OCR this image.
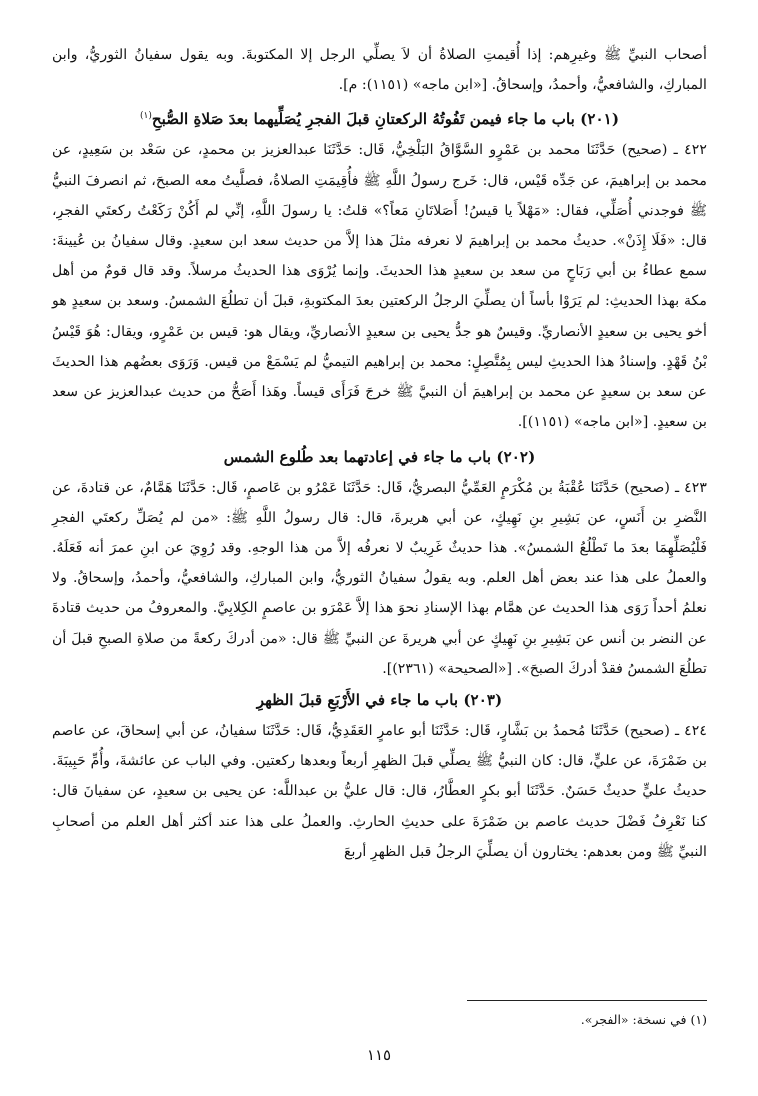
أصحاب النبيِّ ﷺ وغيرِهم: إذا أُقيمتِ الصلاةُ أن لاَ يصلِّي الرجل إلا المكتوبةَ. وبه يقول سفيانُ الثوريُّ، وابن المباركِ، والشافعيُّ، وأحمدُ، وإسحاقُ. [«ابن ماجه» (١١٥١): م].

(٢٠١) باب ما جاء فيمن تَفُوتُهُ الركعتانِ قبلَ الفجرِ يُصَلِّيهما بعدَ صَلاةِ الصُّبحِ$^{(١)}$

٤٢٢ ـ (صحيح) حَدَّثَنَا محمد بن عَمْرٍو السَّوَّاقُ البَلْخِيُّ، قَال: حَدَّثَنَا عبدالعزيز بن محمدٍ، عن سَعْد بن سَعِيدٍ، عن محمد بن إبراهيمَ، عن جَدِّه قَيْس، قال: خَرج رسولُ اللَّهِ ﷺ فأُقِيمَتِ الصلاةُ، فصلَّيتُ معه الصبحَ، ثم انصرفَ النبيُّ ﷺ فوجدني أُصَلِّي، فقال: «مَهْلاً يا قيسُ! أَصَلاتَانِ مَعاً؟» قلتُ: يا رسولَ اللَّهِ، إنِّي لم أَكُنْ رَكَعْتُ ركعتَي الفجرِ، قال: «فَلَا إِذَنْ». حديثُ محمد بن إبراهيمَ لا نعرفه مثلَ هذا إلاَّ من حديث سعد ابن سعيدٍ. وقال سفيانُ بن عُيينةَ: سمع عطاءُ بن أبي رَبَاحٍ من سعد بن سعيدٍ هذا الحديثَ. وإنما يُرْوَى هذا الحديثُ مرسلاً. وقد قال قومٌ من أهل مكة بهذا الحديثِ: لم يَرَوْا بأساً أن يصلِّيَ الرجلُ الركعتين بعدَ المكتوبةِ، قبلَ أن تطلُعَ الشمسُ. وسعد بن سعيدٍ هو أخو يحيى بن سعيدٍ الأنصاريِّ. وقيسٌ هو جدُّ يحيى بن سعيدٍ الأنصاريِّ، ويقال هو: قيس بن عَمْرٍو، ويقال: هُوَ قَيْسُ بْنُ قَهْدٍ. وإسنادُ هذا الحديثِ ليس بِمُتَّصِلٍ: محمد بن إبراهيم التيميُّ لم يَسْمَعْ من قيس. وَرَوَى بعضُهم هذا الحديثَ عن سعد بن سعيدٍ عن محمد بن إبراهيمَ أن النبيَّ ﷺ خرجَ فَرَأَى قيساً. وهَذا أَصَحُّ من حديث عبدالعزيز عن سعد بن سعيدٍ. [«ابن ماجه» (١١٥١)].

(٢٠٢) باب ما جاء في إعادتهما بعد طُلوع الشمس

٤٢٣ ـ (صحيح) حَدَّثَنَا عُقْبَةُ بن مُكْرَمٍ العَمِّيُّ البصريُّ، قَال: حَدَّثَنَا عَمْرُو بن عَاصمٍ، قَال: حَدَّثَنَا هَمَّامٌ، عن قتادةَ، عن النَّضرِ بن أَنَسٍ، عن بَشِيرِ بنِ نَهِيكٍ، عن أبي هريرةَ، قال: قال رسولُ اللَّهِ ﷺ: «من لم يُصَلِّ ركعتَي الفجرِ فَلْيُصَلِّهِمَا بعدَ ما تَطْلُعُ الشمسُ». هذا حديثٌ غَرِيبٌ لا نعرفُه إلاَّ من هذا الوجهِ. وقد رُوِيَ عن ابنِ عمرَ أنه فَعَلَهُ. والعملُ على هذا عند بعض أهل العلم. وبه يقولُ سفيانُ الثوريُّ، وابن المباركِ، والشافعيُّ، وأحمدُ، وإسحاقُ. ولا نعلمُ أحداً رَوَى هذا الحديث عن همَّام بهذا الإسنادِ نحوَ هذا إلاَّ عَمْرَو بن عاصمٍ الكِلابِيَّ. والمعروفُ من حديث قتادةَ عن النضر بن أنس عن بَشِيرِ بنِ نَهِيكٍ عن أبي هريرةَ عن النبيِّ ﷺ قال: «من أدركَ ركعةً من صلاةِ الصبحِ قبلَ أن تطلُعَ الشمسُ فقدْ أدركَ الصبحَ». [«الصحيحة» (٢٣٦١)].

(٢٠٣) باب ما جاء في الأَرْبَعِ قبلَ الظهرِ

٤٢٤ ـ (صحيح) حَدَّثَنَا مُحمدُ بن بَشَّارٍ، قَال: حَدَّثَنَا أبو عامرٍ العَقَدِيُّ، قَال: حَدَّثَنَا سفيانُ، عن أبي إسحاقَ، عن عاصم بن ضَمْرَةَ، عن عليٍّ، قال: كان النبيُّ ﷺ يصلِّي قبلَ الظهرِ أربعاً وبعدها ركعتين. وفي الباب عن عائشةَ، وأُمِّ حَبِيبَةَ. حديثُ عليٍّ حديثٌ حَسَنٌ. حَدَّثَنَا أبو بكرٍ العطَّارُ، قال: قال عليُّ بن عبداللَّه: عن يحيى بن سعيدٍ، عن سفيانَ قال: كنا نَعْرِفُ فَضْلَ حديث عاصم بن ضَمْرَةَ على حديثِ الحارثِ. والعملُ على هذا عند أكثر أهل العلم من أصحابِ النبيِّ ﷺ ومن بعدهم: يختارون أن يصلِّيَ الرجلُ قبل الظهرِ أربعَ

(١) في نسخة: «الفجر».
١١٥
